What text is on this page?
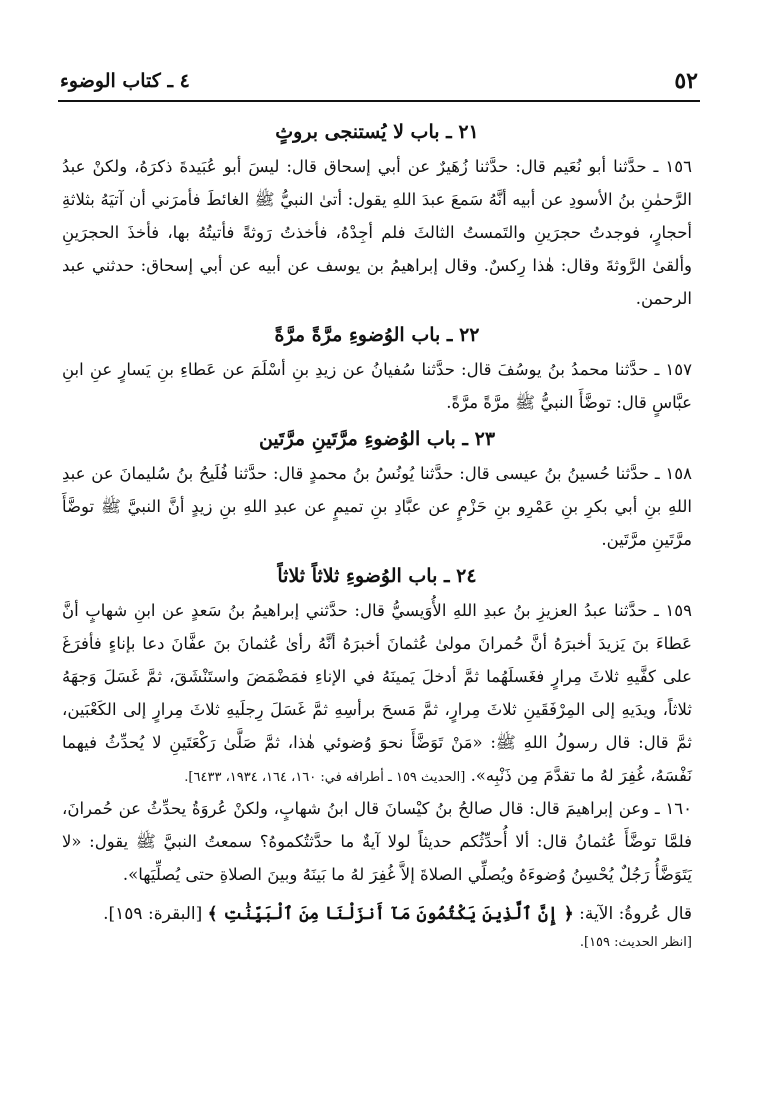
٥٢
٤ ـ كتاب الوضوء
٢١ ـ باب لا يُستنجى بروثٍ

١٥٦ ـ حدَّثنا أبو نُعَيم قال: حدَّثنا زُهَيرٌ عن أبي إسحاق قال: ليسَ أبو عُبَيدةَ ذكرَهُ، ولكنْ عبدُ الرَّحمٰنِ بنُ الأسودِ عن أبيه أنَّهُ سَمعَ عبدَ اللهِ يقول: أتىٰ النبيُّ ﷺ الغائطَ فأمرَني أن آتيَهُ بثلاثةِ أحجارٍ، فوجدتُ حجرَينِ والتَمستُ الثالثَ فلم أجِدْهُ، فأخذتُ رَوثةً فأتيتُهُ بها، فأخذَ الحجرَينِ وألقىٰ الرَّوثةَ وقال: هٰذا رِكسٌ. وقال إبراهيمُ بن يوسف عن أبيه عن أبي إسحاق: حدثني عبد الرحمن.

٢٢ ـ باب الوُضوءِ مرَّةً مرَّةً

١٥٧ ـ حدَّثنا محمدُ بنُ يوسُفَ قال: حدَّثنا سُفيانُ عن زيدِ بنِ أسْلَمَ عن عَطاءِ بنِ يَسارٍ عنِ ابنِ عبَّاسٍ قال: توضَّأَ النبيُّ ﷺ مرَّةً مرَّةً.

٢٣ ـ باب الوُضوءِ مرَّتَينِ مرَّتَين

١٥٨ ـ حدَّثنا حُسينُ بنُ عيسى قال: حدَّثنا يُونُسُ بنُ محمدٍ قال: حدَّثنا فُلَيحُ بنُ سُليمانَ عن عبدِ اللهِ بنِ أبي بكرِ بنِ عَمْرِو بنِ حَزْمٍ عن عبَّادِ بنِ تميمٍ عن عبدِ اللهِ بنِ زيدٍ أنَّ النبيَّ ﷺ توضَّأَ مرَّتَينِ مرَّتَين.

٢٤ ـ باب الوُضوءِ ثلاثاً ثلاثاً

١٥٩ ـ حدَّثنا عبدُ العزيزِ بنُ عبدِ اللهِ الأُوَيسيُّ قال: حدَّثني إبراهيمُ بنُ سَعدٍ عن ابنِ شهابٍ أنَّ عَطاءَ بنَ يَزيدَ أخبرَهُ أنَّ حُمرانَ مولىٰ عُثمانَ أخبرَهُ أنَّهُ رأىٰ عُثمانَ بنَ عفَّانَ دعا بإناءٍ فأفرَغَ على كفَّيهِ ثلاثَ مِرارٍ فغَسلَهُما ثمَّ أدخلَ يَمينَهُ في الإناءِ فمَضْمَضَ واستَنْشَقَ، ثمَّ غَسَلَ وَجهَهُ ثلاثاً، ويدَيهِ إلى المِرْفَقَينِ ثلاثَ مِرارٍ، ثمَّ مَسحَ برأسِهِ ثمَّ غَسَلَ رِجلَيهِ ثلاثَ مِرارٍ إلى الكَعْبَين، ثمَّ قال: قال رسولُ اللهِ ﷺ: «مَنْ تَوَضَّأَ نحوَ وُضوئي هٰذا، ثمَّ صَلَّىٰ رَكْعَتَينِ لا يُحدِّثُ فيهما نَفْسَهُ، غُفِرَ لهُ ما تقدَّمَ مِن ذَنْبِه». [الحديث ١٥٩ ـ أطرافه في: ١٦٠، ١٦٤، ١٩٣٤، ٦٤٣٣].

١٦٠ ـ وعن إبراهيمَ قال: قال صالحُ بنُ كيْسانَ قال ابنُ شهابٍ، ولكنْ عُروَةُ يحدِّثُ عن حُمرانَ، فلمَّا توضَّأَ عُثمانُ قال: ألا أُحدِّثُكم حديثاً لولا آيةٌ ما حدَّثتُكموهُ؟ سمعتُ النبيَّ ﷺ يقول: «لا يَتَوَضَّأُ رَجُلٌ يُحْسِنُ وُضوءَهُ ويُصلِّي الصلاةَ إلاَّ غُفِرَ لهُ ما بَينَهُ وبينَ الصلاةِ حتى يُصلِّيَها».

قال عُروةُ: الآية: ﴿ إِنَّ ٱلَّذِينَ يَكْتُمُونَ مَآ أَنزَلْنَا مِنَ ٱلْبَيِّنَٰتِ ﴾ [البقرة: ١٥٩].
[انظر الحديث: ١٥٩].
